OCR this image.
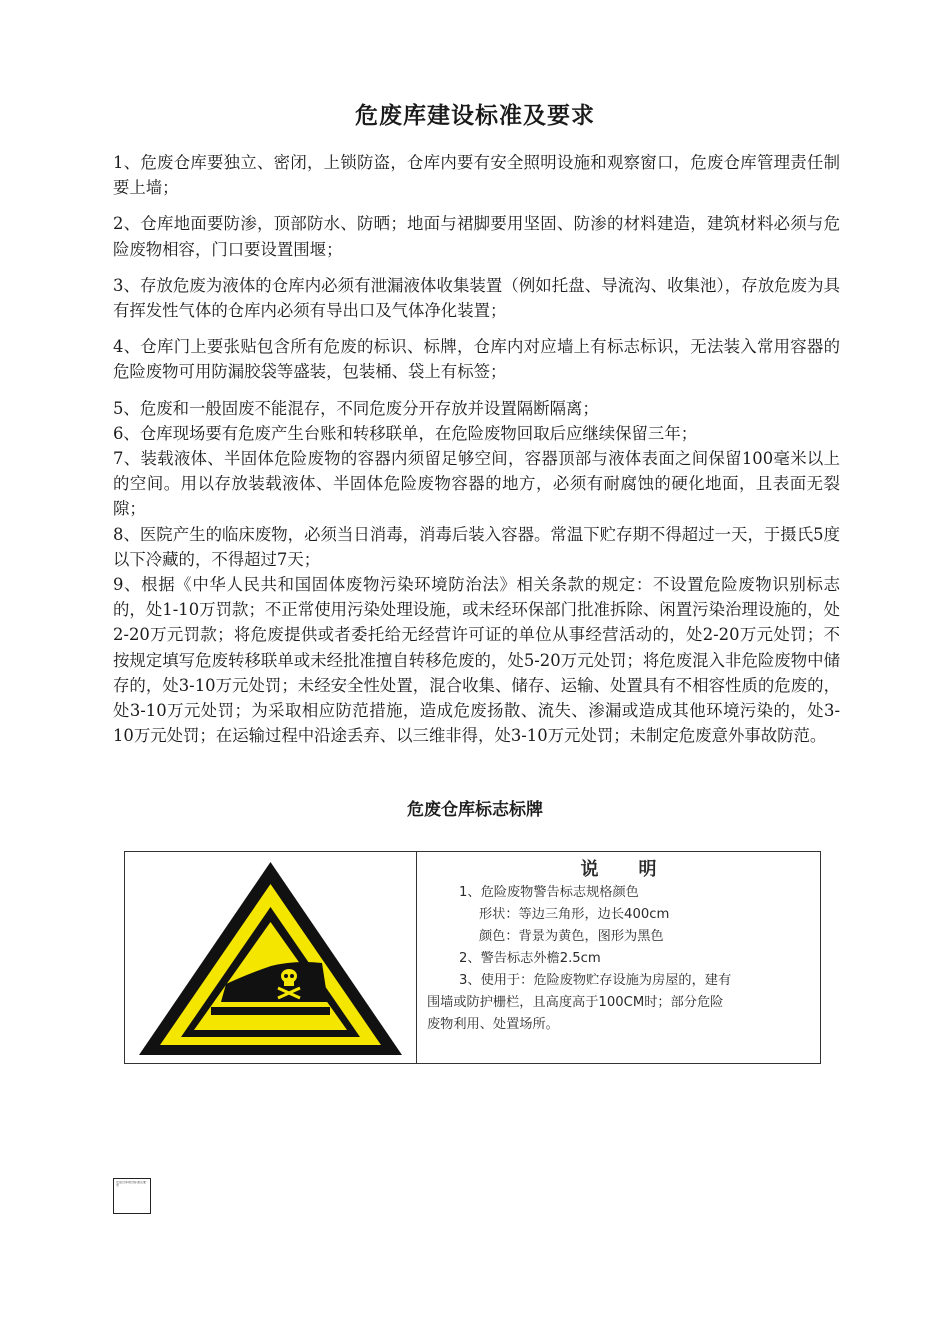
危废库建设标准及要求

1、危废仓库要独立、密闭，上锁防盗，仓库内要有安全照明设施和观察窗口，危废仓库管理责任制要上墙；

2、仓库地面要防渗，顶部防水、防晒；地面与裙脚要用坚固、防渗的材料建造，建筑材料必须与危险废物相容，门口要设置围堰；

3、存放危废为液体的仓库内必须有泄漏液体收集装置（例如托盘、导流沟、收集池），存放危废为具有挥发性气体的仓库内必须有导出口及气体净化装置；

4、仓库门上要张贴包含所有危废的标识、标牌，仓库内对应墙上有标志标识，无法装入常用容器的危险废物可用防漏胶袋等盛装，包装桶、袋上有标签；

5、危废和一般固废不能混存，不同危废分开存放并设置隔断隔离；

6、仓库现场要有危废产生台账和转移联单，在危险废物回取后应继续保留三年；

7、装载液体、半固体危险废物的容器内须留足够空间，容器顶部与液体表面之间保留100毫米以上的空间。用以存放装载液体、半固体危险废物容器的地方，必须有耐腐蚀的硬化地面，且表面无裂隙；

8、医院产生的临床废物，必须当日消毒，消毒后装入容器。常温下贮存期不得超过一天，于摄氏5度以下冷藏的，不得超过7天；

9、根据《中华人民共和国固体废物污染环境防治法》相关条款的规定：不设置危险废物识别标志的，处1-10万罚款；不正常使用污染处理设施，或未经环保部门批准拆除、闲置污染治理设施的，处2-20万元罚款；将危废提供或者委托给无经营许可证的单位从事经营活动的，处2-20万元处罚；不按规定填写危废转移联单或未经批准擅自转移危废的，处5-20万元处罚；将危废混入非危险废物中储存的，处3-10万元处罚；未经安全性处置，混合收集、储存、运输、处置具有不相容性质的危废的，处3-10万元处罚；为采取相应防范措施，造成危废扬散、流失、渗漏或造成其他环境污染的，处3-10万元处罚；在运输过程中沿途丢弃、以三维非得，处3-10万元处罚；未制定危废意外事故防范。

危废仓库标志标牌
说明
1、危险废物警告标志规格颜色
形状：等边三角形，边长400cm
颜色：背景为黄色，图形为黑色
2、警告标志外檐2.5cm
3、使用于：危险废物贮存设施为房屋的，建有
围墙或防护栅栏，且高度高于100CM时；部分危险
废物利用、处置场所。
危废仓库建设标准及要求
